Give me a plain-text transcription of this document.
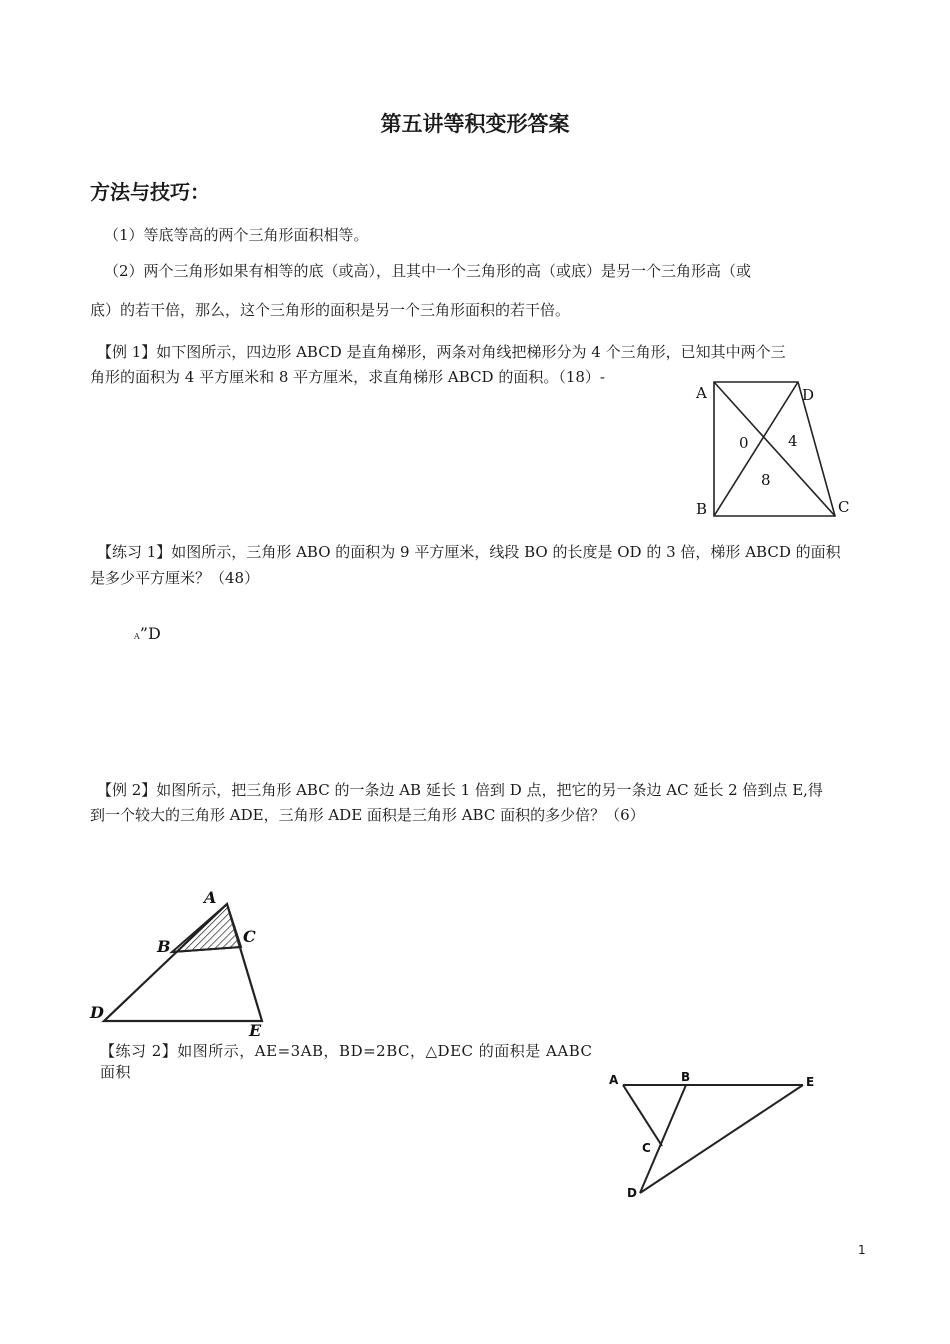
第五讲等积变形答案
方法与技巧：
（1）等底等高的两个三角形面积相等。
（2）两个三角形如果有相等的底（或高），且其中一个三角形的高（或底）是另一个三角形高（或
底）的若干倍，那么，这个三角形的面积是另一个三角形面积的若干倍。
【例 1】如下图所示，四边形 ABCD 是直角梯形，两条对角线把梯形分为 4 个三角形，已知其中两个三
角形的面积为 4 平方厘米和 8 平方厘米，求直角梯形 ABCD 的面积。（18）-
A	D
B	C
0	4
8
【练习 1】如图所示，三角形 ABO 的面积为 9 平方厘米，线段 BO 的长度是 OD 的 3 倍，梯形 ABCD 的面积
是多少平方厘米？（48）
A”D
【例 2】如图所示，把三角形 ABC 的一条边 AB 延长 1 倍到 D 点，把它的另一条边 AC 延长 2 倍到点 E,得
到一个较大的三角形 ADE，三角形 ADE 面积是三角形 ABC 面积的多少倍？（6）
A
B
C
D
E
【练习 2】如图所示，AE=3AB，BD=2BC，△DEC 的面积是 AABC 面积	A	B	E
C
D
1
